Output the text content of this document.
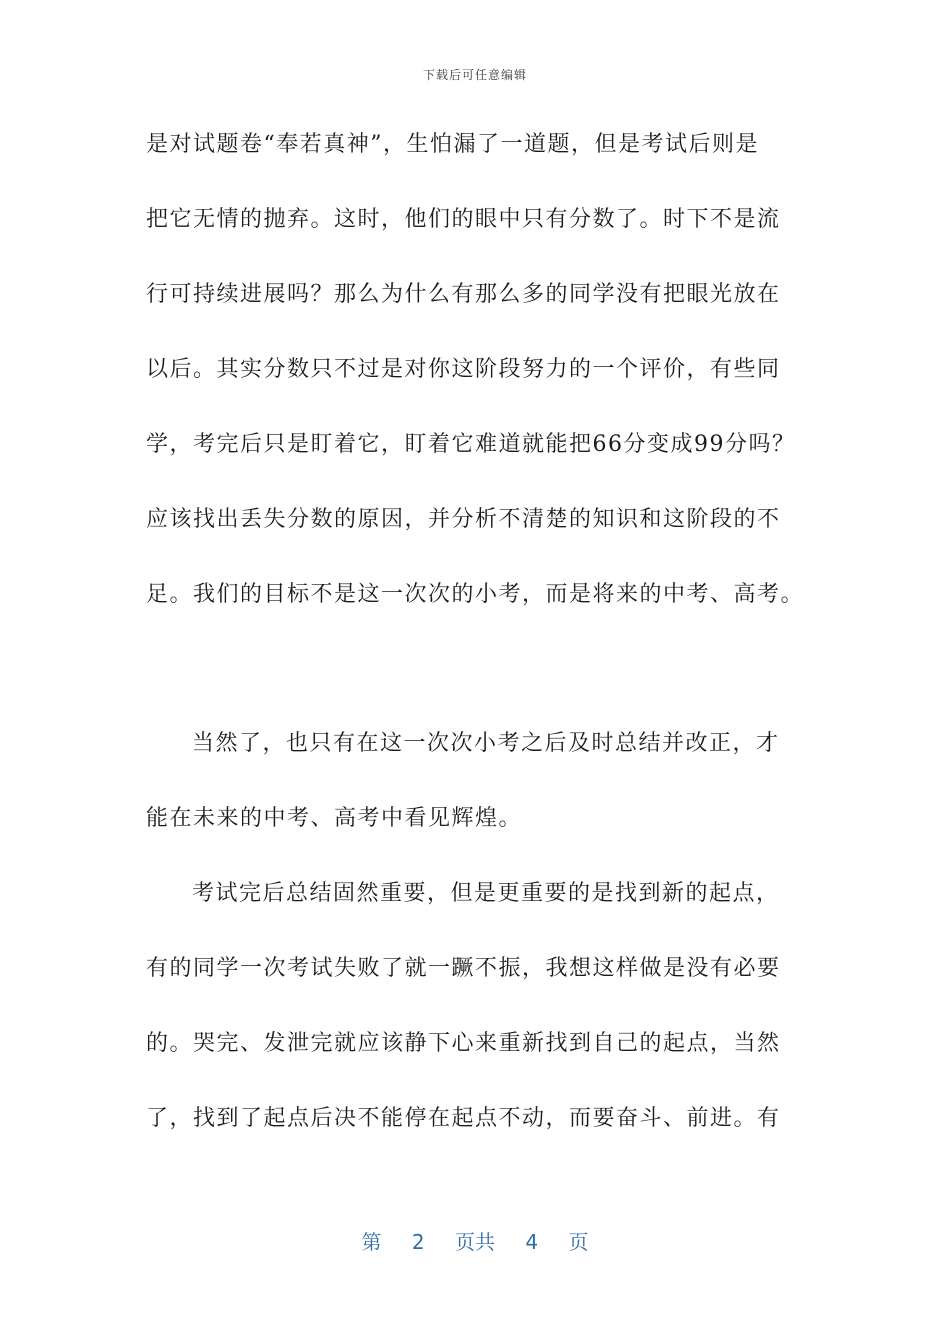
下载后可任意编辑
是对试题卷“奉若真神”，生怕漏了一道题，但是考试后则是
把它无情的抛弃。这时，他们的眼中只有分数了。时下不是流
行可持续进展吗？那么为什么有那么多的同学没有把眼光放在
以后。其实分数只不过是对你这阶段努力的一个评价，有些同
学，考完后只是盯着它，盯着它难道就能把66分变成99分吗？
应该找出丢失分数的原因，并分析不清楚的知识和这阶段的不
足。我们的目标不是这一次次的小考，而是将来的中考、高考。
当然了，也只有在这一次次小考之后及时总结并改正，才
能在未来的中考、高考中看见辉煌。
考试完后总结固然重要，但是更重要的是找到新的起点，
有的同学一次考试失败了就一蹶不振，我想这样做是没有必要
的。哭完、发泄完就应该静下心来重新找到自己的起点，当然
了，找到了起点后决不能停在起点不动，而要奋斗、前进。有
第 2 页共 4 页
